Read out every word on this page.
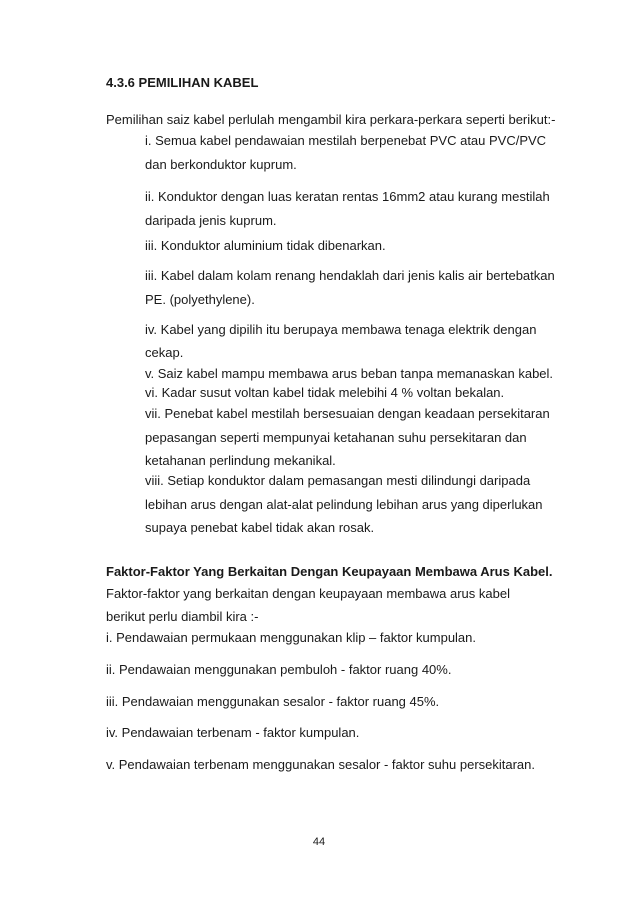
4.3.6 PEMILIHAN KABEL
Pemilihan saiz kabel perlulah mengambil kira perkara-perkara seperti berikut:-
i. Semua kabel pendawaian mestilah berpenebat PVC atau PVC/PVC
dan berkonduktor kuprum.
ii. Konduktor dengan luas keratan rentas 16mm2 atau kurang mestilah
daripada jenis kuprum.
iii. Konduktor aluminium tidak dibenarkan.
iii. Kabel dalam kolam renang hendaklah dari jenis kalis air bertebatkan
PE. (polyethylene).
iv. Kabel yang dipilih itu berupaya membawa tenaga elektrik dengan
cekap.
v. Saiz kabel mampu membawa arus beban tanpa memanaskan kabel.
vi. Kadar susut voltan kabel tidak melebihi 4 % voltan bekalan.
vii. Penebat kabel mestilah bersesuaian dengan keadaan persekitaran
pepasangan seperti mempunyai ketahanan suhu persekitaran dan
ketahanan perlindung mekanikal.
viii. Setiap konduktor dalam pemasangan mesti dilindungi daripada
lebihan arus dengan alat-alat pelindung lebihan arus yang diperlukan
supaya penebat kabel tidak akan rosak.
Faktor-Faktor Yang Berkaitan Dengan Keupayaan Membawa Arus Kabel.
Faktor-faktor yang berkaitan dengan keupayaan membawa arus kabel
berikut perlu diambil kira :-
i. Pendawaian permukaan menggunakan klip – faktor kumpulan.
ii. Pendawaian menggunakan pembuloh - faktor ruang 40%.
iii. Pendawaian menggunakan sesalor - faktor ruang 45%.
iv. Pendawaian terbenam - faktor kumpulan.
v. Pendawaian terbenam menggunakan sesalor - faktor suhu persekitaran.
44
